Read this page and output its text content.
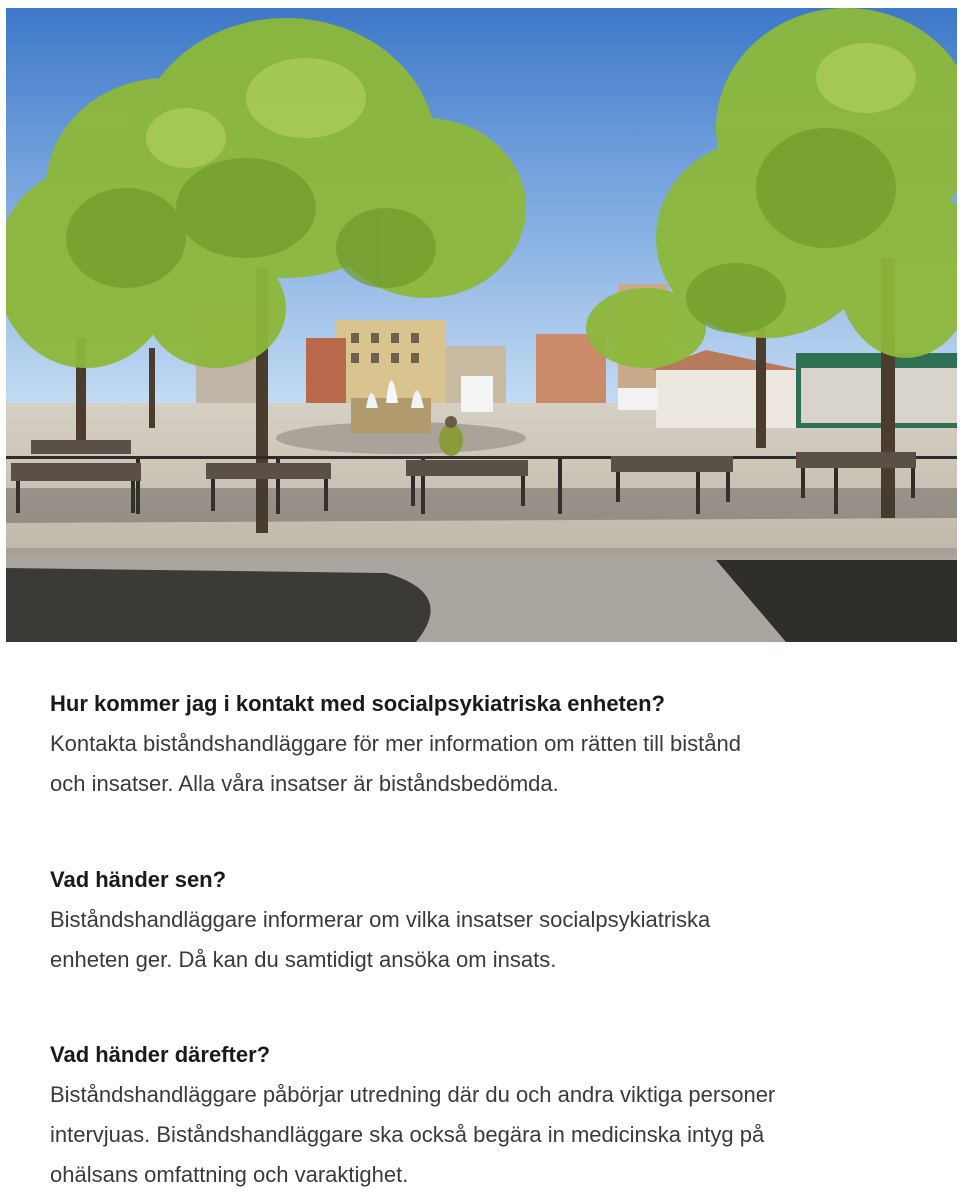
Hur kommer jag i kontakt med socialpsykiatriska enheten?

Kontakta biståndshandläggare för mer information om rätten till bistånd

och insatser. Alla våra insatser är biståndsbedömda.

Vad händer sen?

Biståndshandläggare informerar om vilka insatser socialpsykiatriska

enheten ger. Då kan du samtidigt ansöka om insats.

Vad händer därefter?

Biståndshandläggare påbörjar utredning där du och andra viktiga personer

intervjuas. Biståndshandläggare ska också begära in medicinska intyg på

ohälsans omfattning och varaktighet.
